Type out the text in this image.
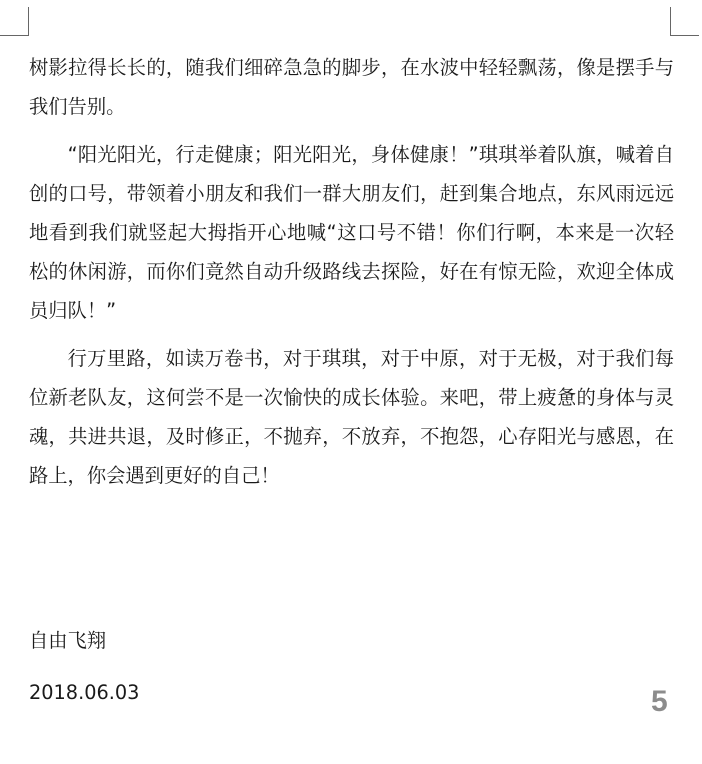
树影拉得长长的，随我们细碎急急的脚步，在水波中轻轻飘荡，像是摆手与我们告别。

“阳光阳光，行走健康；阳光阳光，身体健康！”琪琪举着队旗，喊着自创的口号，带领着小朋友和我们一群大朋友们，赶到集合地点，东风雨远远地看到我们就竖起大拇指开心地喊“这口号不错！你们行啊，本来是一次轻松的休闲游，而你们竟然自动升级路线去探险，好在有惊无险，欢迎全体成员归队！”

行万里路，如读万卷书，对于琪琪，对于中原，对于无极，对于我们每位新老队友，这何尝不是一次愉快的成长体验。来吧，带上疲惫的身体与灵魂，共进共退，及时修正，不抛弃，不放弃，不抱怨，心存阳光与感恩，在路上，你会遇到更好的自己！

自由飞翔
2018.06.03	5
